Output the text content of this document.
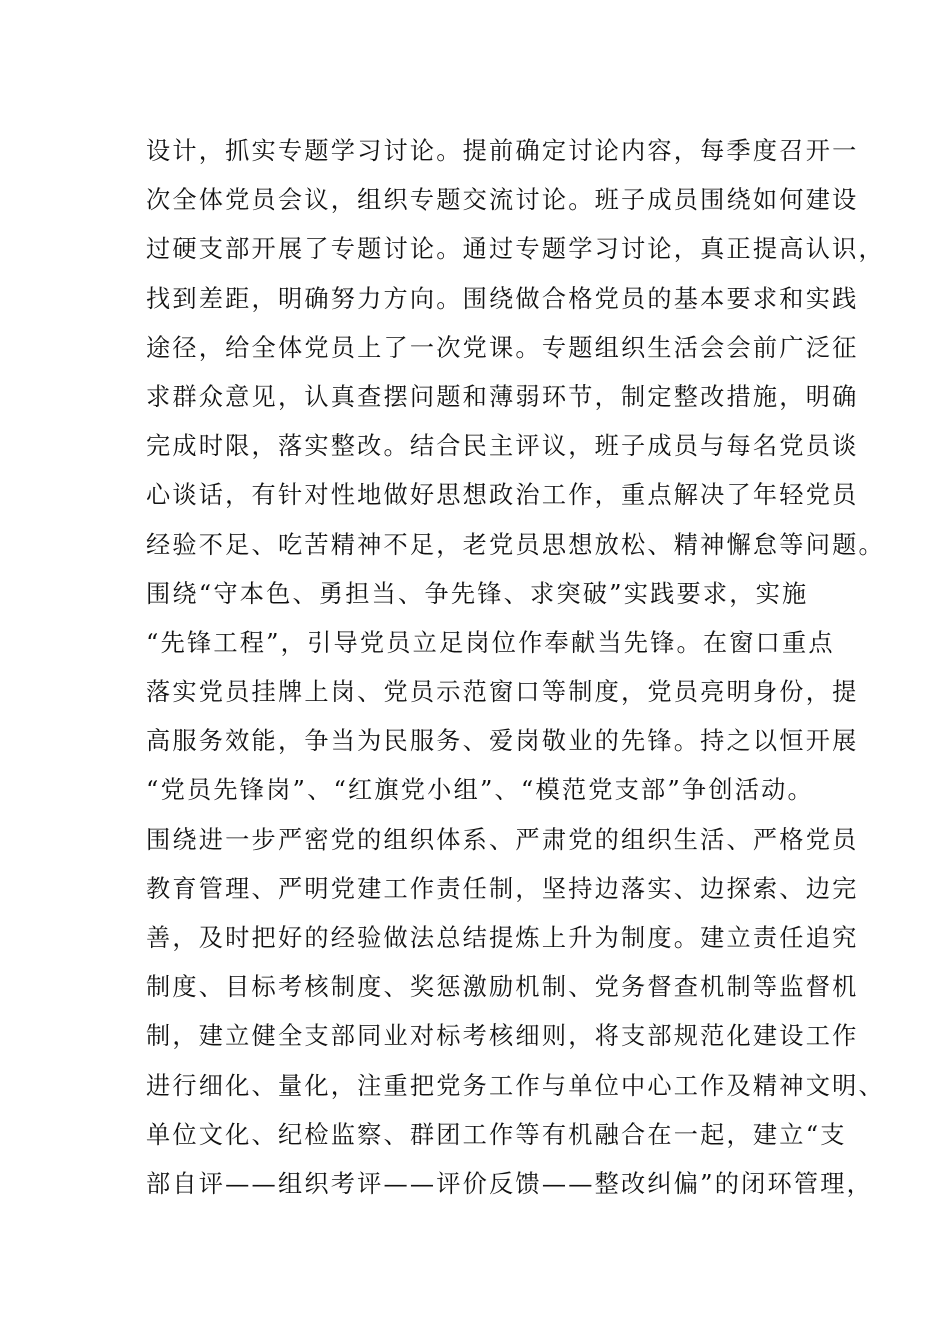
设计，抓实专题学习讨论。提前确定讨论内容，每季度召开一
次全体党员会议，组织专题交流讨论。班子成员围绕如何建设
过硬支部开展了专题讨论。通过专题学习讨论，真正提高认识，
找到差距，明确努力方向。围绕做合格党员的基本要求和实践
途径，给全体党员上了一次党课。专题组织生活会会前广泛征
求群众意见，认真查摆问题和薄弱环节，制定整改措施，明确
完成时限，落实整改。结合民主评议，班子成员与每名党员谈
心谈话，有针对性地做好思想政治工作，重点解决了年轻党员
经验不足、吃苦精神不足，老党员思想放松、精神懈怠等问题。
围绕“守本色、勇担当、争先锋、求突破”实践要求，实施
“先锋工程”，引导党员立足岗位作奉献当先锋。在窗口重点
落实党员挂牌上岗、党员示范窗口等制度，党员亮明身份，提
高服务效能，争当为民服务、爱岗敬业的先锋。持之以恒开展
“党员先锋岗”、“红旗党小组”、“模范党支部”争创活动。
围绕进一步严密党的组织体系、严肃党的组织生活、严格党员
教育管理、严明党建工作责任制，坚持边落实、边探索、边完
善，及时把好的经验做法总结提炼上升为制度。建立责任追究
制度、目标考核制度、奖惩激励机制、党务督查机制等监督机
制，建立健全支部同业对标考核细则，将支部规范化建设工作
进行细化、量化，注重把党务工作与单位中心工作及精神文明、
单位文化、纪检监察、群团工作等有机融合在一起，建立“支
部自评——组织考评——评价反馈——整改纠偏”的闭环管理，
